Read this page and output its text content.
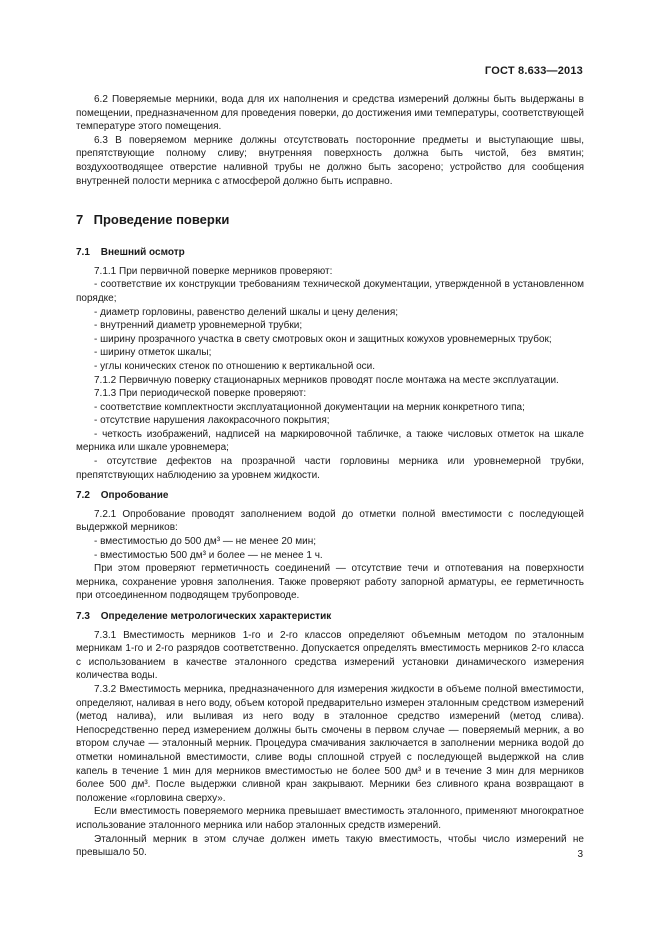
ГОСТ 8.633—2013

6.2 Поверяемые мерники, вода для их наполнения и средства измерений должны быть выдержаны в помещении, предназначенном для проведения поверки, до достижения ими температуры, соответствующей температуре этого помещения.

6.3 В поверяемом мернике должны отсутствовать посторонние предметы и выступающие швы, препятствующие полному сливу; внутренняя поверхность должна быть чистой, без вмятин; воздухоотводящее отверстие наливной трубы не должно быть засорено; устройство для сообщения внутренней полости мерника с атмосферой должно быть исправно.

7 Проведение поверки
7.1 Внешний осмотр

7.1.1 При первичной поверке мерников проверяют:

- соответствие их конструкции требованиям технической документации, утвержденной в установленном порядке;

- диаметр горловины, равенство делений шкалы и цену деления;

- внутренний диаметр уровнемерной трубки;

- ширину прозрачного участка в свету смотровых окон и защитных кожухов уровнемерных трубок;

- ширину отметок шкалы;

- углы конических стенок по отношению к вертикальной оси.

7.1.2 Первичную поверку стационарных мерников проводят после монтажа на месте эксплуатации.

7.1.3 При периодической поверке проверяют:

- соответствие комплектности эксплуатационной документации на мерник конкретного типа;

- отсутствие нарушения лакокрасочного покрытия;

- четкость изображений, надписей на маркировочной табличке, а также числовых отметок на шкале мерника или шкале уровнемера;

- отсутствие дефектов на прозрачной части горловины мерника или уровнемерной трубки, препятствующих наблюдению за уровнем жидкости.

7.2 Опробование

7.2.1 Опробование проводят заполнением водой до отметки полной вместимости с последующей выдержкой мерников:

- вместимостью до 500 дм³ — не менее 20 мин;

- вместимостью 500 дм³ и более — не менее 1 ч.

При этом проверяют герметичность соединений — отсутствие течи и отпотевания на поверхности мерника, сохранение уровня заполнения. Также проверяют работу запорной арматуры, ее герметичность при отсоединенном подводящем трубопроводе.

7.3 Определение метрологических характеристик

7.3.1 Вместимость мерников 1-го и 2-го классов определяют объемным методом по эталонным мерникам 1-го и 2-го разрядов соответственно. Допускается определять вместимость мерников 2-го класса с использованием в качестве эталонного средства измерений установки динамического измерения количества воды.

7.3.2 Вместимость мерника, предназначенного для измерения жидкости в объеме полной вместимости, определяют, наливая в него воду, объем которой предварительно измерен эталонным средством измерений (метод налива), или выливая из него воду в эталонное средство измерений (метод слива). Непосредственно перед измерением должны быть смочены в первом случае — поверяемый мерник, а во втором случае — эталонный мерник. Процедура смачивания заключается в заполнении мерника водой до отметки номинальной вместимости, сливе воды сплошной струей с последующей выдержкой на слив капель в течение 1 мин для мерников вместимостью не более 500 дм³ и в течение 3 мин для мерников более 500 дм³. После выдержки сливной кран закрывают. Мерники без сливного крана возвращают в положение «горловина сверху».

Если вместимость поверяемого мерника превышает вместимость эталонного, применяют многократное использование эталонного мерника или набор эталонных средств измерений.

Эталонный мерник в этом случае должен иметь такую вместимость, чтобы число измерений не превышало 50.	3
